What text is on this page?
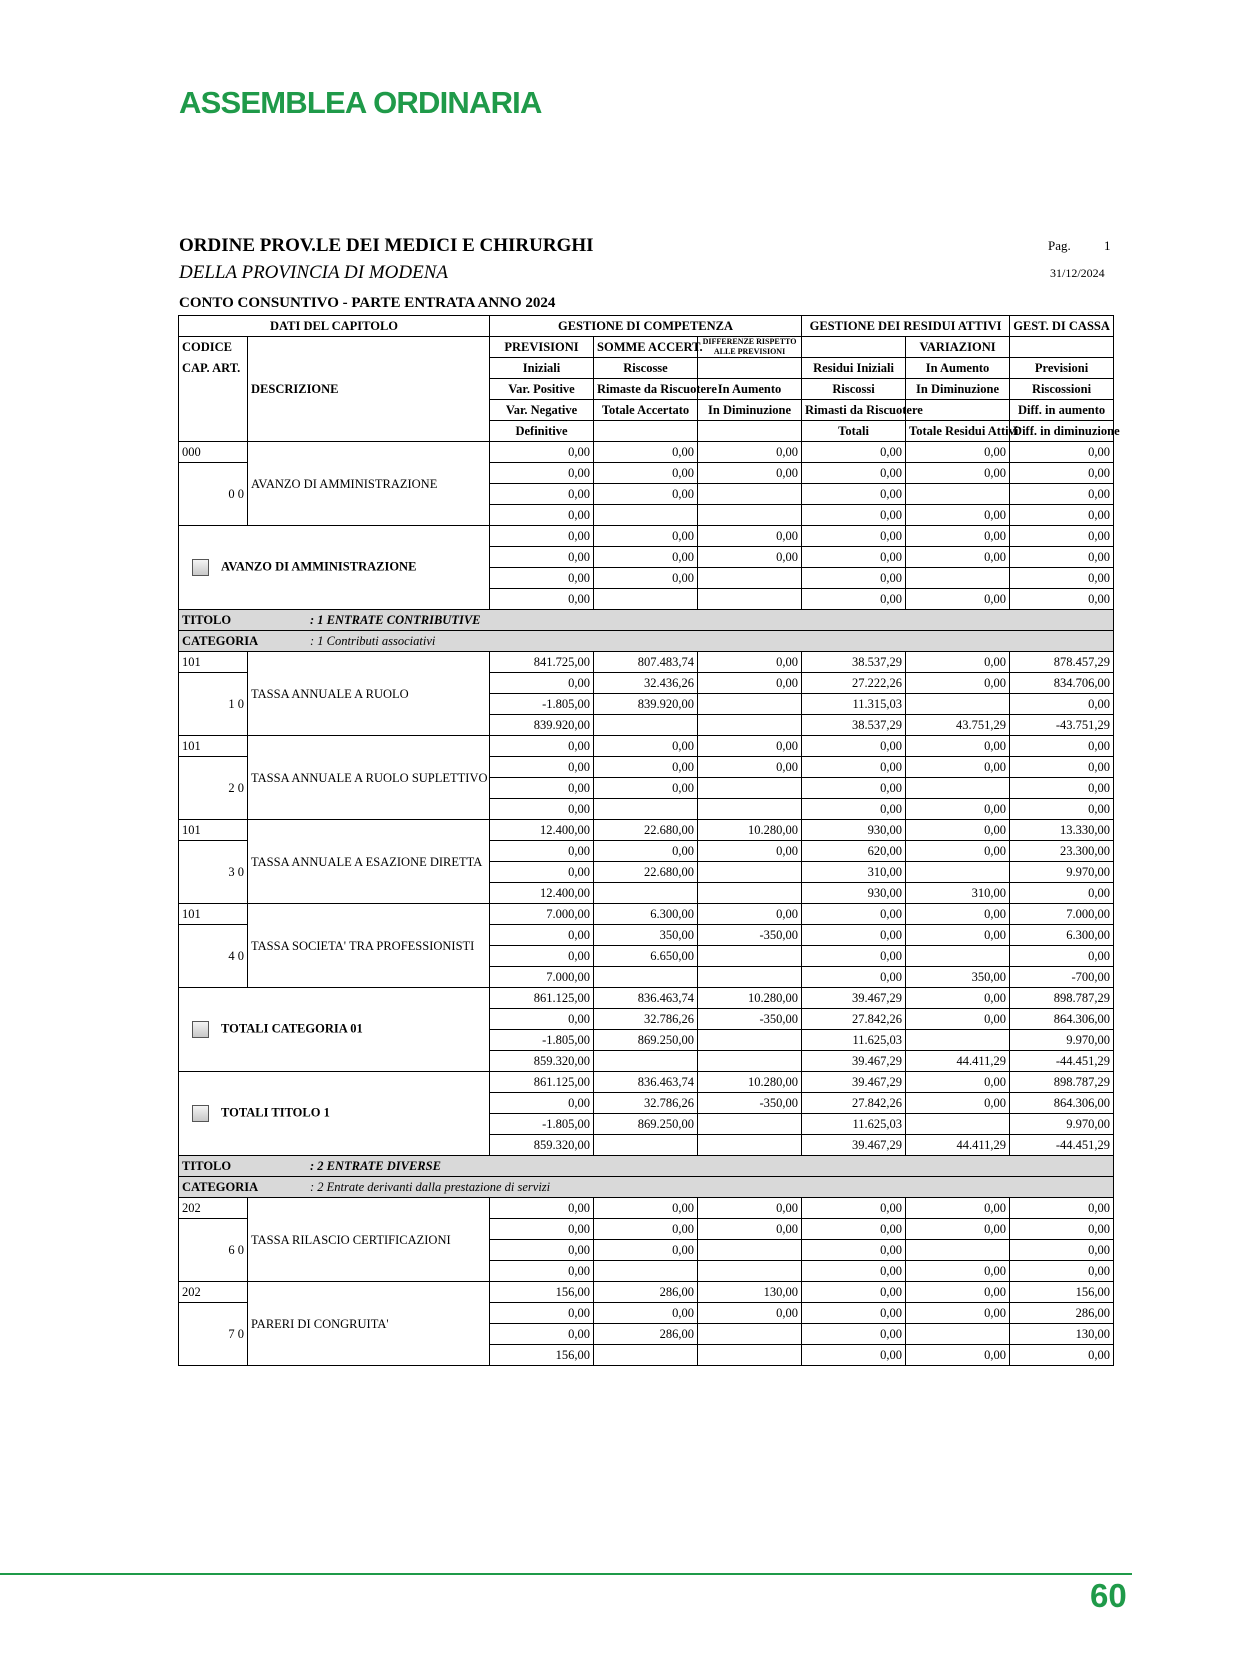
ASSEMBLEA ORDINARIA
ORDINE PROV.LE DEI MEDICI E CHIRURGHI
DELLA PROVINCIA DI MODENA
Pag.	1
31/12/2024
CONTO CONSUNTIVO - PARTE ENTRATA ANNO 2024
DATI DEL CAPITOLO		GESTIONE DI COMPETENZA			GESTIONE DEI RESIDUI ATTIVI		GEST. DI CASSA

CODICE
CAP. ART.	DESCRIZIONE	PREVISIONI	SOMME ACCERT.	DIFFERENZE RISPETTO ALLE PREVISIONI		VARIAZIONI	
		Iniziali	Riscosse		Residui Iniziali	In Aumento	Previsioni
		Var. Positive	Rimaste da Riscuotere	In Aumento	Riscossi	In Diminuzione	Riscossioni
		Var. Negative	Totale Accertato	In Diminuzione	Rimasti da Riscuotere		Diff. in aumento
		Definitive			Totali	Totale Residui Attivi	Diff. in diminuzione
000	AVANZO DI AMMINISTRAZIONE	0,00	0,00	0,00	0,00	0,00	0,00
0 0		0,00	0,00	0,00	0,00	0,00	0,00
		0,00	0,00		0,00		0,00
		0,00			0,00	0,00	0,00
AVANZO DI AMMINISTRAZIONE		0,00	0,00	0,00	0,00	0,00	0,00
		0,00	0,00	0,00	0,00	0,00	0,00
		0,00	0,00		0,00		0,00
		0,00			0,00	0,00	0,00
TITOLO : 1 ENTRATE CONTRIBUTIVE							
CATEGORIA : 1 Contributi associativi							
101	TASSA ANNUALE A RUOLO	841.725,00	807.483,74	0,00	38.537,29	0,00	878.457,29
1 0		0,00	32.436,26	0,00	27.222,26	0,00	834.706,00
		-1.805,00	839.920,00		11.315,03		0,00
		839.920,00			38.537,29	43.751,29	-43.751,29
101	TASSA ANNUALE A RUOLO SUPLETTIVO	0,00	0,00	0,00	0,00	0,00	0,00
2 0		0,00	0,00	0,00	0,00	0,00	0,00
		0,00	0,00		0,00		0,00
		0,00			0,00	0,00	0,00
101	TASSA ANNUALE A ESAZIONE DIRETTA	12.400,00	22.680,00	10.280,00	930,00	0,00	13.330,00
3 0		0,00	0,00	0,00	620,00	0,00	23.300,00
		0,00	22.680,00		310,00		9.970,00
		12.400,00			930,00	310,00	0,00
101	TASSA SOCIETA' TRA PROFESSIONISTI	7.000,00	6.300,00	0,00	0,00	0,00	7.000,00
4 0		0,00	350,00	-350,00	0,00	0,00	6.300,00
		0,00	6.650,00		0,00		0,00
		7.000,00			0,00	350,00	-700,00
TOTALI CATEGORIA 01		861.125,00	836.463,74	10.280,00	39.467,29	0,00	898.787,29
		0,00	32.786,26	-350,00	27.842,26	0,00	864.306,00
		-1.805,00	869.250,00		11.625,03		9.970,00
		859.320,00			39.467,29	44.411,29	-44.451,29
TOTALI TITOLO 1		861.125,00	836.463,74	10.280,00	39.467,29	0,00	898.787,29
		0,00	32.786,26	-350,00	27.842,26	0,00	864.306,00
		-1.805,00	869.250,00		11.625,03		9.970,00
		859.320,00			39.467,29	44.411,29	-44.451,29
TITOLO : 2 ENTRATE DIVERSE							
CATEGORIA : 2 Entrate derivanti dalla prestazione di servizi							
202	TASSA RILASCIO CERTIFICAZIONI	0,00	0,00	0,00	0,00	0,00	0,00
6 0		0,00	0,00	0,00	0,00	0,00	0,00
		0,00	0,00		0,00		0,00
		0,00			0,00	0,00	0,00
202	PARERI DI CONGRUITA'	156,00	286,00	130,00	0,00	0,00	156,00
7 0		0,00	0,00	0,00	0,00	0,00	286,00
		0,00	286,00		0,00		130,00
		156,00			0,00	0,00	0,00
60
